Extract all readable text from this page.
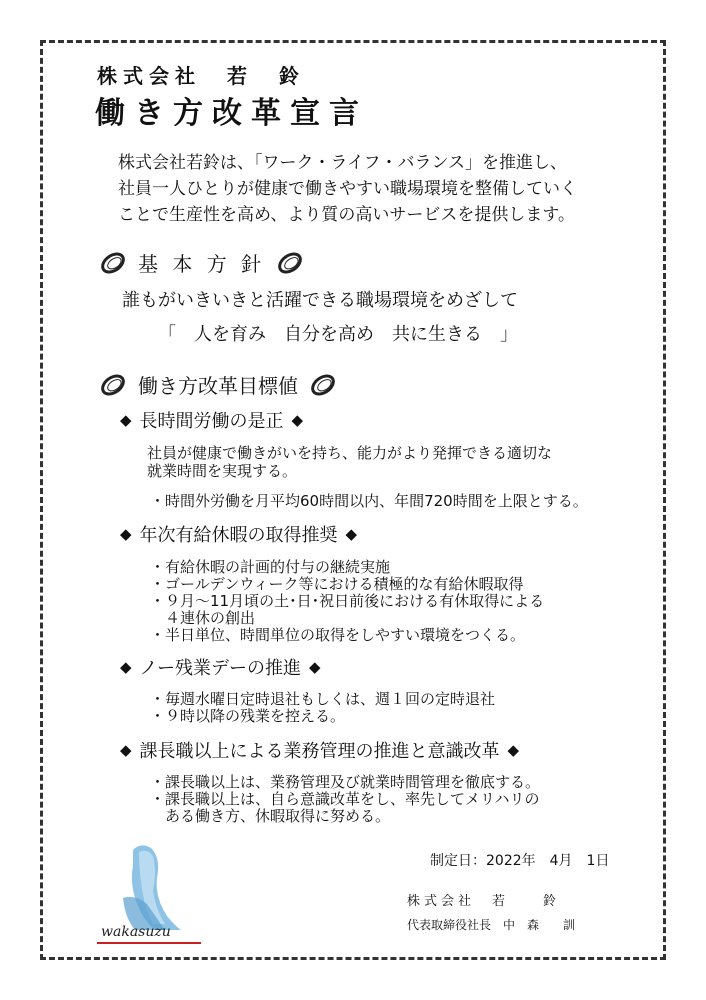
株式会社　若　鈴
働き方改革宣言
株式会社若鈴は、「ワーク・ライフ・バランス」を推進し、
社員一人ひとりが健康で働きやすい職場環境を整備していく
ことで生産性を高め、より質の高いサービスを提供します。
基 本 方 針
誰もがいきいきと活躍できる職場環境をめざして
「　人を育み　自分を高め　共に生きる　」
働き方改革目標値
◆ 長時間労働の是正 ◆
社員が健康で働きがいを持ち、能力がより発揮できる適切な
就業時間を実現する。
・時間外労働を月平均60時間以内、年間720時間を上限とする。
◆ 年次有給休暇の取得推奨 ◆
・有給休暇の計画的付与の継続実施
・ゴールデンウィーク等における積極的な有給休暇取得
・９月～11月頃の土･日･祝日前後における有休取得による
　４連休の創出
・半日単位、時間単位の取得をしやすい環境をつくる。
◆ ノー残業デーの推進 ◆
・毎週水曜日定時退社もしくは、週１回の定時退社
・９時以降の残業を控える。
◆ 課長職以上による業務管理の推進と意識改革 ◆
・課長職以上は、業務管理及び就業時間管理を徹底する。
・課長職以上は、自ら意識改革をし、率先してメリハリの
　ある働き方、休暇取得に努める。
制定日：2022年　4月　1日
株式会社　若　　鈴
代表取締役社長　中　森　　訓
wakasuzu
